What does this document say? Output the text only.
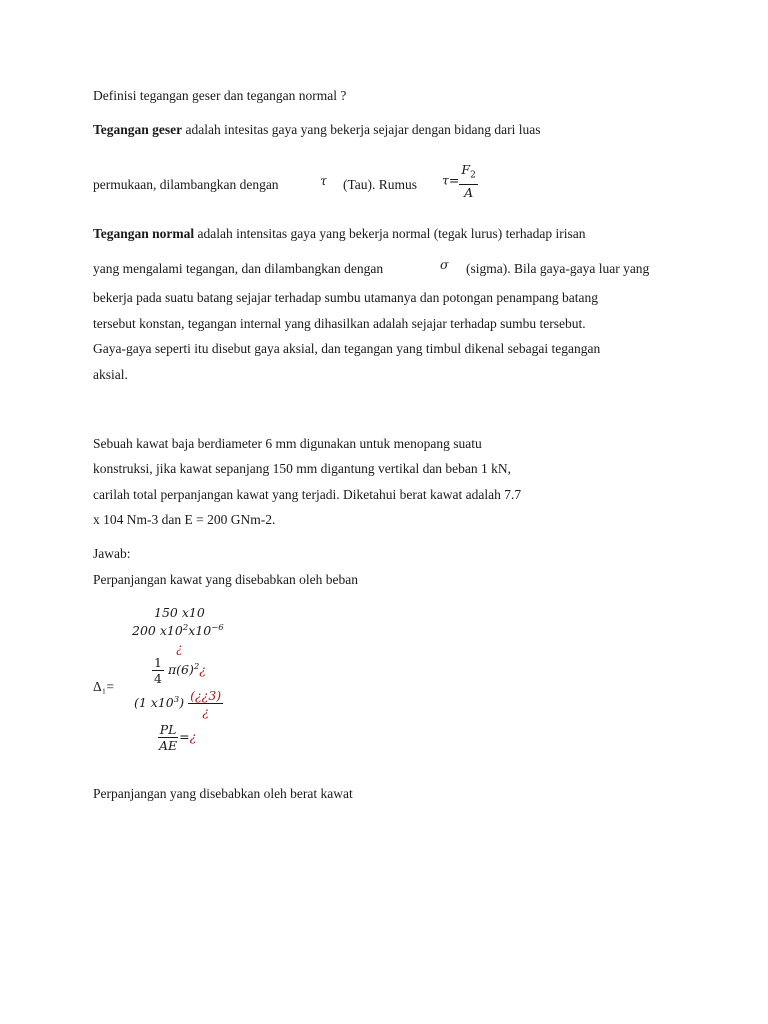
Definisi tegangan geser dan tegangan normal ?
Tegangan geser adalah intesitas gaya yang bekerja sejajar dengan bidang dari luas
permukaan, dilambangkan dengan	τ (Tau). Rumus $\tau= \frac{F_2}{A}$
Tegangan normal adalah intensitas gaya yang bekerja normal (tegak lurus) terhadap irisan
yang mengalami tegangan, dan dilambangkan dengan	σ (sigma). Bila gaya-gaya luar yang
bekerja pada suatu batang sejajar terhadap sumbu utamanya dan potongan penampang batang
tersebut konstan, tegangan internal yang dihasilkan adalah sejajar terhadap sumbu tersebut.
Gaya-gaya seperti itu disebut gaya aksial, dan tegangan yang timbul dikenal sebagai tegangan
aksial.
Sebuah kawat baja berdiameter 6 mm digunakan untuk menopang suatu
konstruksi, jika kawat sepanjang 150 mm digantung vertikal dan beban 1 kN,
carilah total perpanjangan kawat yang terjadi. Diketahui berat kawat adalah 7.7
x 104 Nm-3 dan E = 200 GNm-2.
Jawab:
Perpanjangan kawat yang disebabkan oleh beban
Δ₁=
150 x10
200 $x10^2x10^{-6}$
¿
$\frac{1}{4}$ $\pi(6)^2¿$
(1 $x10^3) \frac{(¿¿3)}{¿}$
$\frac{PL}{AE}$ =¿
Perpanjangan yang disebabkan oleh berat kawat
